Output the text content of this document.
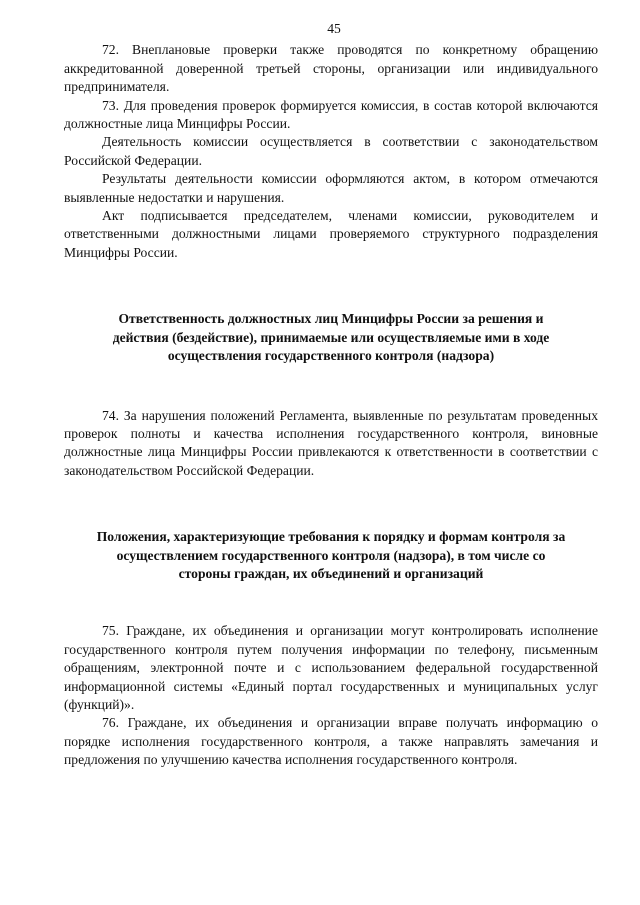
45

72. Внеплановые проверки также проводятся по конкретному обращению аккредитованной доверенной третьей стороны, организации или индивидуального предпринимателя.

73. Для проведения проверок формируется комиссия, в состав которой включаются должностные лица Минцифры России.

Деятельность комиссии осуществляется в соответствии с законодательством Российской Федерации.

Результаты деятельности комиссии оформляются актом, в котором отмечаются выявленные недостатки и нарушения.

Акт подписывается председателем, членами комиссии, руководителем и ответственными должностными лицами проверяемого структурного подразделения Минцифры России.

Ответственность должностных лиц Минцифры России за решения и действия (бездействие), принимаемые или осуществляемые ими в ходе осуществления государственного контроля (надзора)

74. За нарушения положений Регламента, выявленные по результатам проведенных проверок полноты и качества исполнения государственного контроля, виновные должностные лица Минцифры России привлекаются к ответственности в соответствии с законодательством Российской Федерации.

Положения, характеризующие требования к порядку и формам контроля за осуществлением государственного контроля (надзора), в том числе со стороны граждан, их объединений и организаций

75. Граждане, их объединения и организации могут контролировать исполнение государственного контроля путем получения информации по телефону, письменным обращениям, электронной почте и с использованием федеральной государственной информационной системы «Единый портал государственных и муниципальных услуг (функций)».

76. Граждане, их объединения и организации вправе получать информацию о порядке исполнения государственного контроля, а также направлять замечания и предложения по улучшению качества исполнения государственного контроля.
